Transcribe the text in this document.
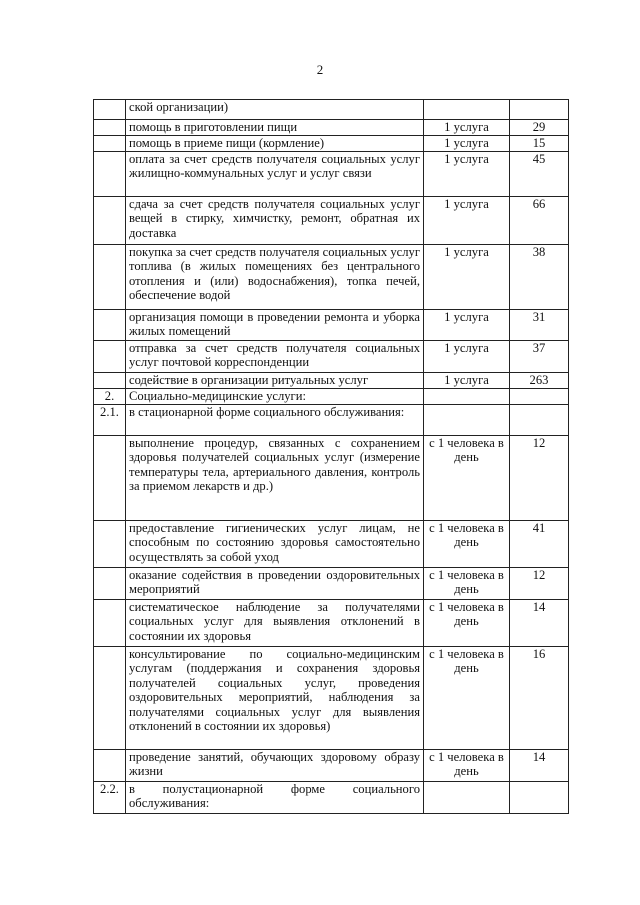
2
	ской организации)		
	помощь в приготовлении пищи	1 услуга	29
	помощь в приеме пищи (кормление)	1 услуга	15
	оплата за счет средств получателя социальных услуг жилищно-коммунальных услуг и услуг связи	1 услуга	45
	сдача за счет средств получателя социальных услуг вещей в стирку, химчистку, ремонт, обратная их доставка	1 услуга	66
	покупка за счет средств получателя социальных услуг топлива (в жилых помещениях без центрального отопления и (или) водоснабжения), топка печей, обеспечение водой	1 услуга	38
	организация помощи в проведении ремонта и уборка жилых помещений	1 услуга	31
	отправка за счет средств получателя социальных услуг почтовой корреспонденции	1 услуга	37
	содействие в организации ритуальных услуг	1 услуга	263
2.	Социально-медицинские услуги:		
2.1.	в стационарной форме социального обслуживания:		
	выполнение процедур, связанных с сохранением здоровья получателей социальных услуг (измерение температуры тела, артериального давления, контроль за приемом лекарств и др.)	с 1 человека в день	12
	предоставление гигиенических услуг лицам, не способным по состоянию здоровья самостоятельно осуществлять за собой уход	с 1 человека в день	41
	оказание содействия в проведении оздоровительных мероприятий	с 1 человека в день	12
	систематическое наблюдение за получателями социальных услуг для выявления отклонений в состоянии их здоровья	с 1 человека в день	14
	консультирование по социально-медицинским услугам (поддержания и сохранения здоровья получателей социальных услуг, проведения оздоровительных мероприятий, наблюдения за получателями социальных услуг для выявления отклонений в состоянии их здоровья)	с 1 человека в день	16
	проведение занятий, обучающих здоровому образу жизни	с 1 человека в день	14
2.2.	в полустационарной форме социального обслуживания:		
